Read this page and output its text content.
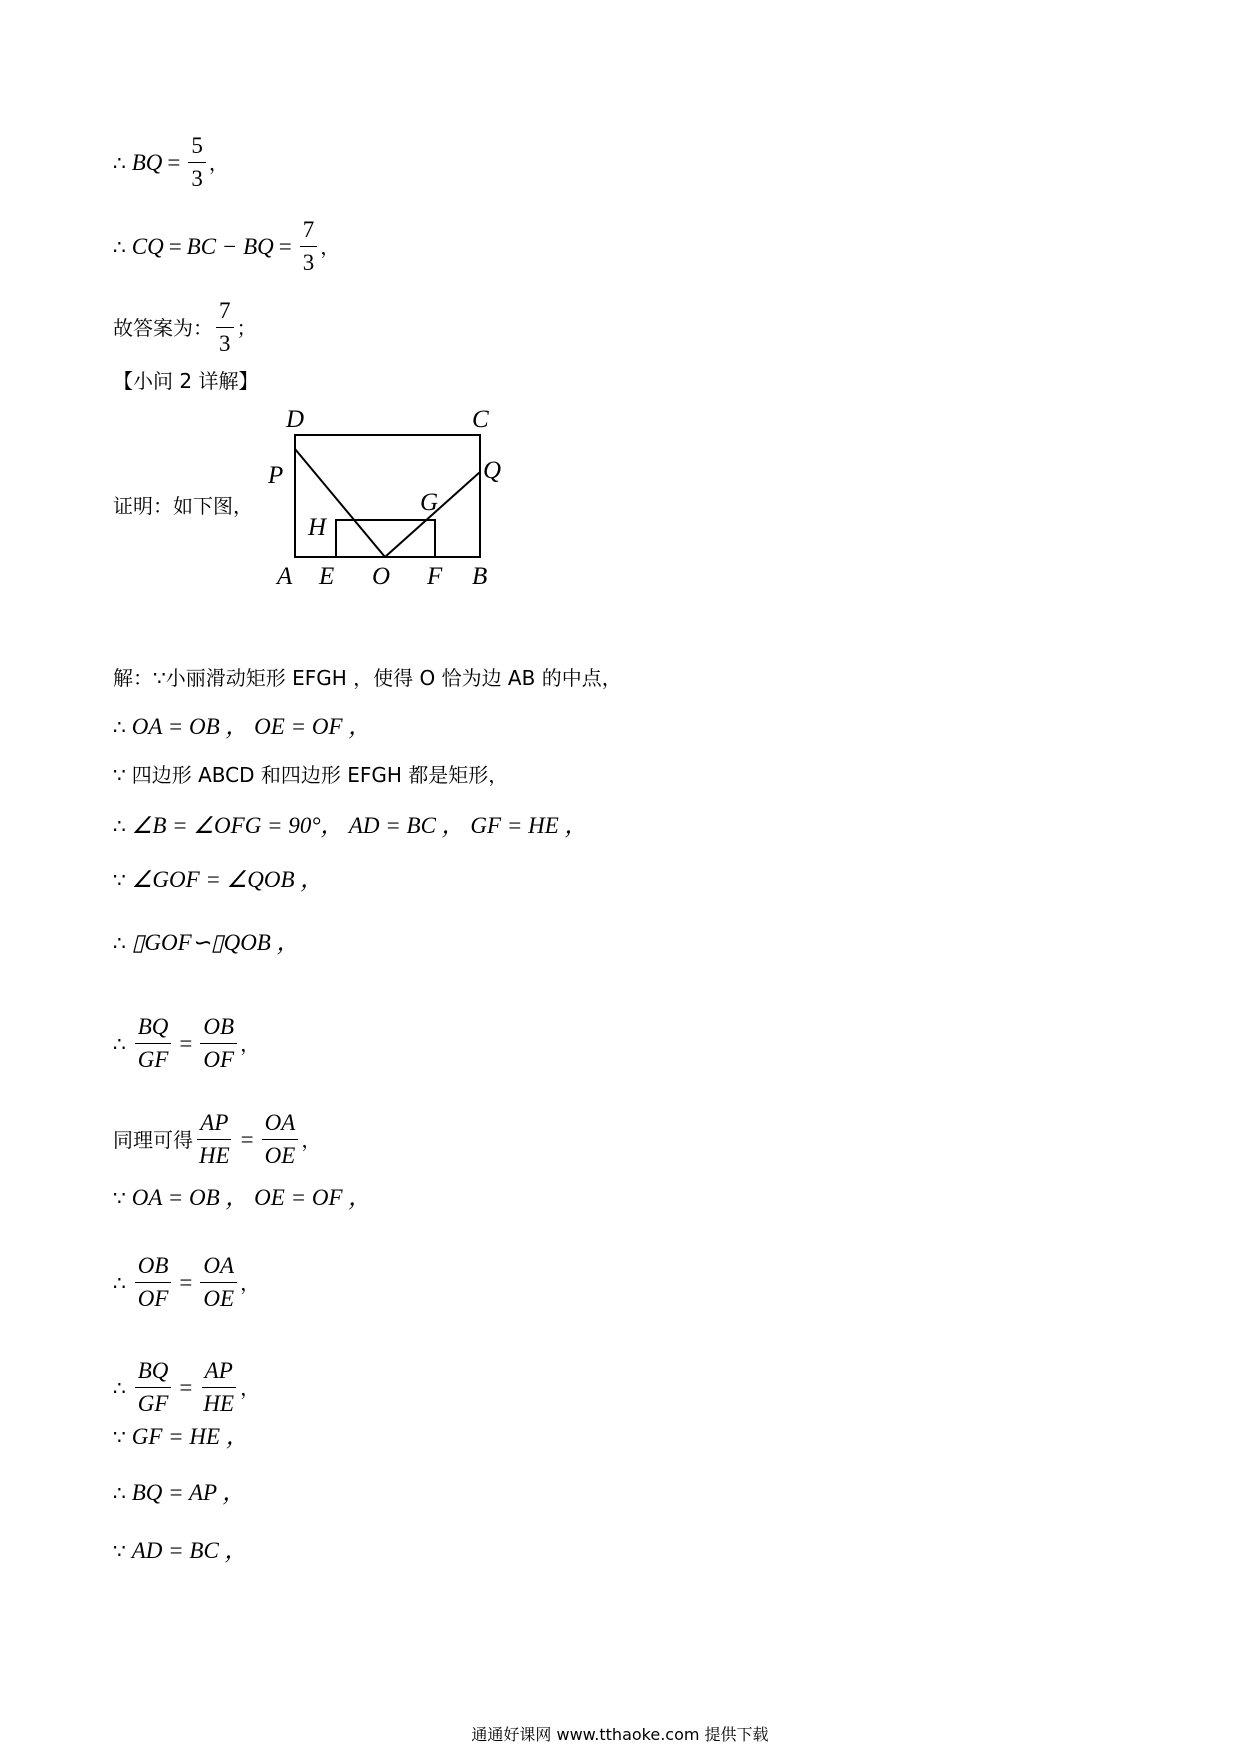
∴ BQ = $\frac{5}{3}$ ，
∴ CQ = BC − BQ = $\frac{7}{3}$ ，
故答案为： $\frac{7}{3}$ ；
【小问 2 详解】
证明：如下图，
D	C
P	Q
G
H
A E O F B
解：∵小丽滑动矩形 EFGH ，使得 O 恰为边 AB 的中点，
∴ OA = OB ， OE = OF ，
∵ 四边形 ABCD 和四边形 EFGH 都是矩形，
∴ ∠B = ∠OFG = 90°， AD = BC ， GF = HE ，
∵ ∠GOF = ∠QOB ，
∴ ▯GOF∽▯QOB ，
∴ $\frac{BQ}{GF} = \frac{OB}{OF}$ ，
同理可得 $\frac{AP}{HE} = \frac{OA}{OE}$ ，
∵ OA = OB ， OE = OF ，
∴ $\frac{OB}{OF} = \frac{OA}{OE}$ ，
∴ $\frac{BQ}{GF} = \frac{AP}{HE}$ ，
∵ GF = HE ，
∴ BQ = AP ，
∵ AD = BC ，
通通好课网 www.tthaoke.com 提供下载
